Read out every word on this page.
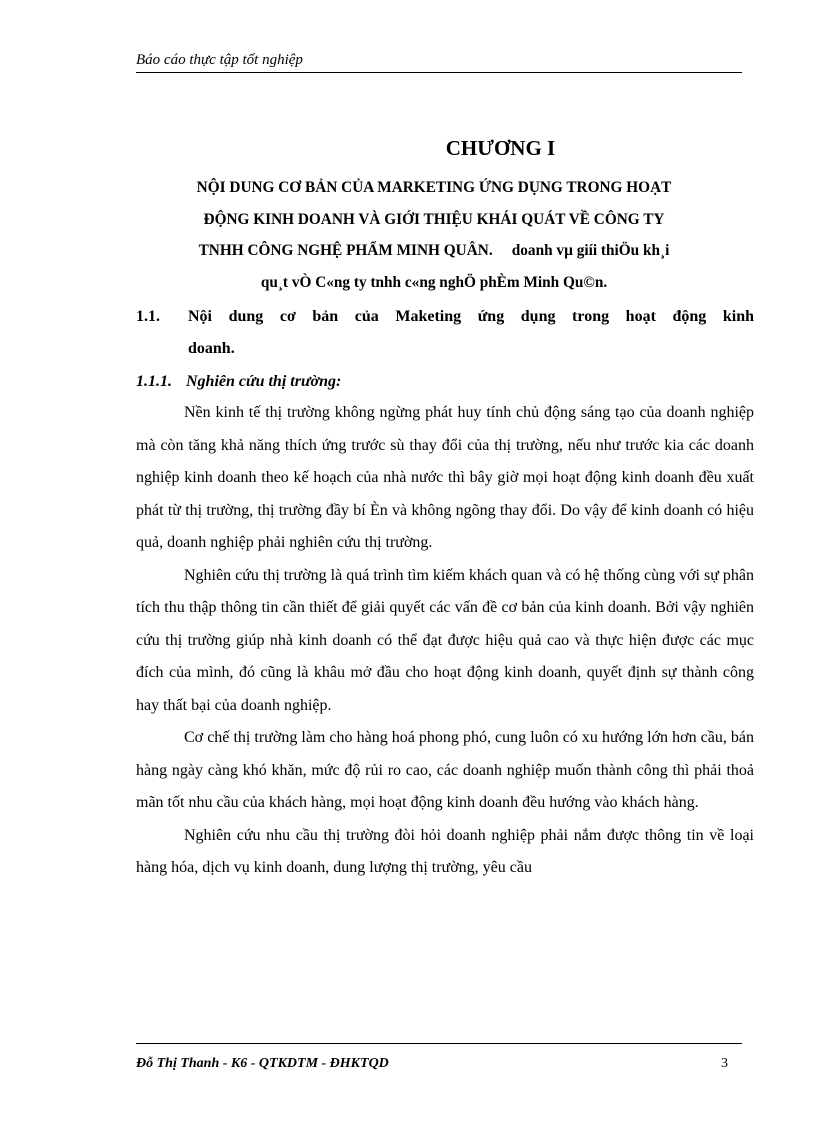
Báo cáo thực tập tốt nghiệp
CHƯƠNG I
NỘI DUNG CƠ BẢN CỦA MARKETING ỨNG DỤNG TRONG HOẠT
ĐỘNG KINH DOANH VÀ GIỚI THIỆU KHÁI QUÁT VỀ CÔNG TY
TNHH CÔNG NGHỆ PHẨM MINH QUÂN. doanh vµ giíi thiÖu kh¸i
qu¸t vÒ C«ng ty tnhh c«ng nghÖ phÈm Minh Qu©n.
1.1. Nội dung cơ bản của Maketing ứng dụng trong hoạt động kinh
doanh.
1.1.1. Nghiên cứu thị trường:

Nền kinh tế thị trường không ngừng phát huy tính chủ động sáng tạo của doanh nghiệp mà còn tăng khả năng thích ứng trước sù thay đổi của thị trường, nếu như trước kia các doanh nghiệp kinh doanh theo kế hoạch của nhà nước thì bây giờ mọi hoạt động kinh doanh đều xuất phát từ thị trường, thị trường đầy bí Èn và không ngõng thay đổi. Do vậy để kinh doanh có hiệu quả, doanh nghiệp phải nghiên cứu thị trường.

Nghiên cứu thị trường là quá trình tìm kiếm khách quan và có hệ thống cùng với sự phân tích thu thập thông tin cần thiết để giải quyết các vấn đề cơ bản của kinh doanh. Bởi vậy nghiên cứu thị trường giúp nhà kinh doanh có thể đạt được hiệu quả cao và thực hiện được các mục đích của mình, đó cũng là khâu mở đầu cho hoạt động kinh doanh, quyết định sự thành công hay thất bại của doanh nghiệp.

Cơ chế thị trường làm cho hàng hoá phong phó, cung luôn có xu hướng lớn hơn cầu, bán hàng ngày càng khó khăn, mức độ rủi ro cao, các doanh nghiệp muốn thành công thì phải thoả mãn tốt nhu cầu của khách hàng, mọi hoạt động kinh doanh đều hướng vào khách hàng.

Nghiên cứu nhu cầu thị trường đòi hỏi doanh nghiệp phải nắm được thông tin về loại hàng hóa, dịch vụ kinh doanh, dung lượng thị trường, yêu cầu

Đỗ Thị Thanh - K6 - QTKDTM - ĐHKTQD	3
